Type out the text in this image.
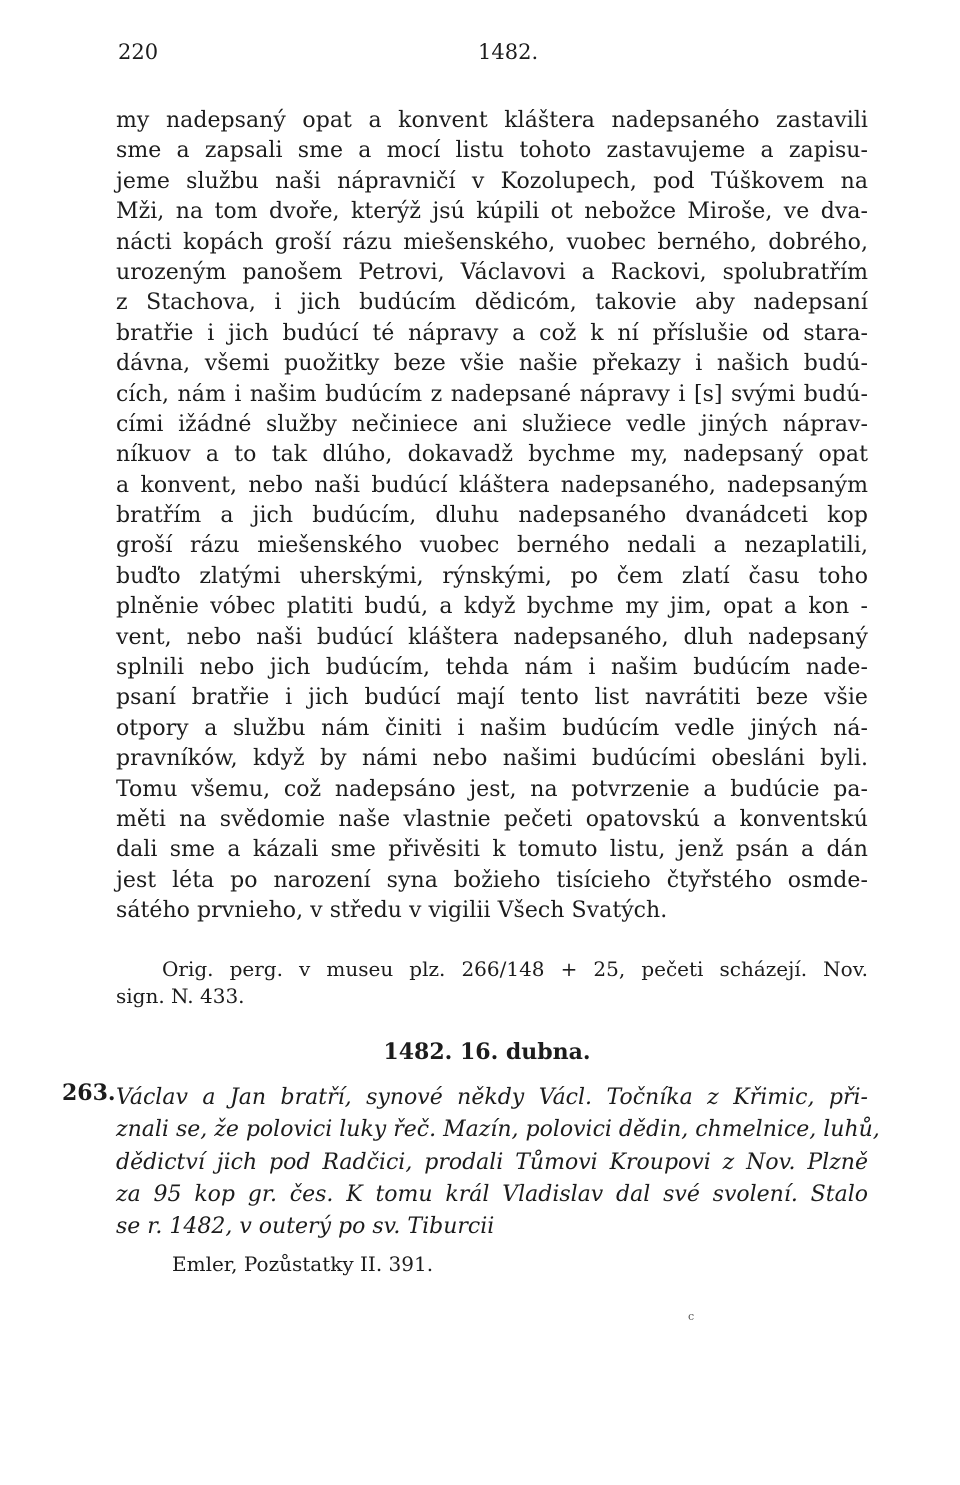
220	1482.
my nadepsaný opat a konvent kláštera nadepsaného zastavili
sme a zapsali sme a mocí listu tohoto zastavujeme a zapisu-
jeme službu naši nápravničí v Kozolupech, pod Túškovem na
Mži, na tom dvoře, kterýž jsú kúpili ot nebožce Miroše, ve dva-
nácti kopách groší rázu miešenského, vuobec berného, dobrého,
urozeným panošem Petrovi, Václavovi a Rackovi, spolubratřím
z Stachova, i jich budúcím dědicóm, takovie aby nadepsaní
bratřie i jich budúcí té nápravy a což k ní příslušie od stara-
dávna, všemi puožitky beze všie našie překazy i našich budú-
cích, nám i našim budúcím z nadepsané nápravy i [s] svými budú-
cími ižádné služby nečiniece ani služiece vedle jiných náprav-
níkuov a to tak dlúho, dokavadž bychme my, nadepsaný opat
a konvent, nebo naši budúcí kláštera nadepsaného, nadepsaným
bratřím a jich budúcím, dluhu nadepsaného dvanádceti kop
groší rázu miešenského vuobec berného nedali a nezaplatili,
buďto zlatými uherskými, rýnskými, po čem zlatí času toho
plněnie vóbec platiti budú, a když bychme my jim, opat a kon -
vent, nebo naši budúcí kláštera nadepsaného, dluh nadepsaný
splnili nebo jich budúcím, tehda nám i našim budúcím nade-
psaní bratřie i jich budúcí mají tento list navrátiti beze všie
otpory a službu nám činiti i našim budúcím vedle jiných ná-
pravníków, když by námi nebo našimi budúcími obesláni byli.
Tomu všemu, což nadepsáno jest, na potvrzenie a budúcie pa-
měti na svědomie naše vlastnie pečeti opatovskú a konventskú
dali sme a kázali sme přivěsiti k tomuto listu, jenž psán a dán
jest léta po narození syna božieho tisícieho čtyřstého osmde-
sátého prvnieho, v středu v vigilii Všech Svatých.
Orig. perg. v museu plz. 266/148 + 25, pečeti scházejí. Nov.
sign. N. 433.
1482. 16. dubna.
263. Václav a Jan bratří, synové někdy Václ. Točníka z Křimic, při-
znali se, že polovici luky řeč. Mazín, polovici dědin, chmelnice, luhů,
dědictví jich pod Radčici, prodali Tůmovi Kroupovi z Nov. Plzně
za 95 kop gr. čes. K tomu král Vladislav dal své svolení. Stalo
se r. 1482, v outerý po sv. Tiburcii
Emler, Pozůstatky II. 391.
c
